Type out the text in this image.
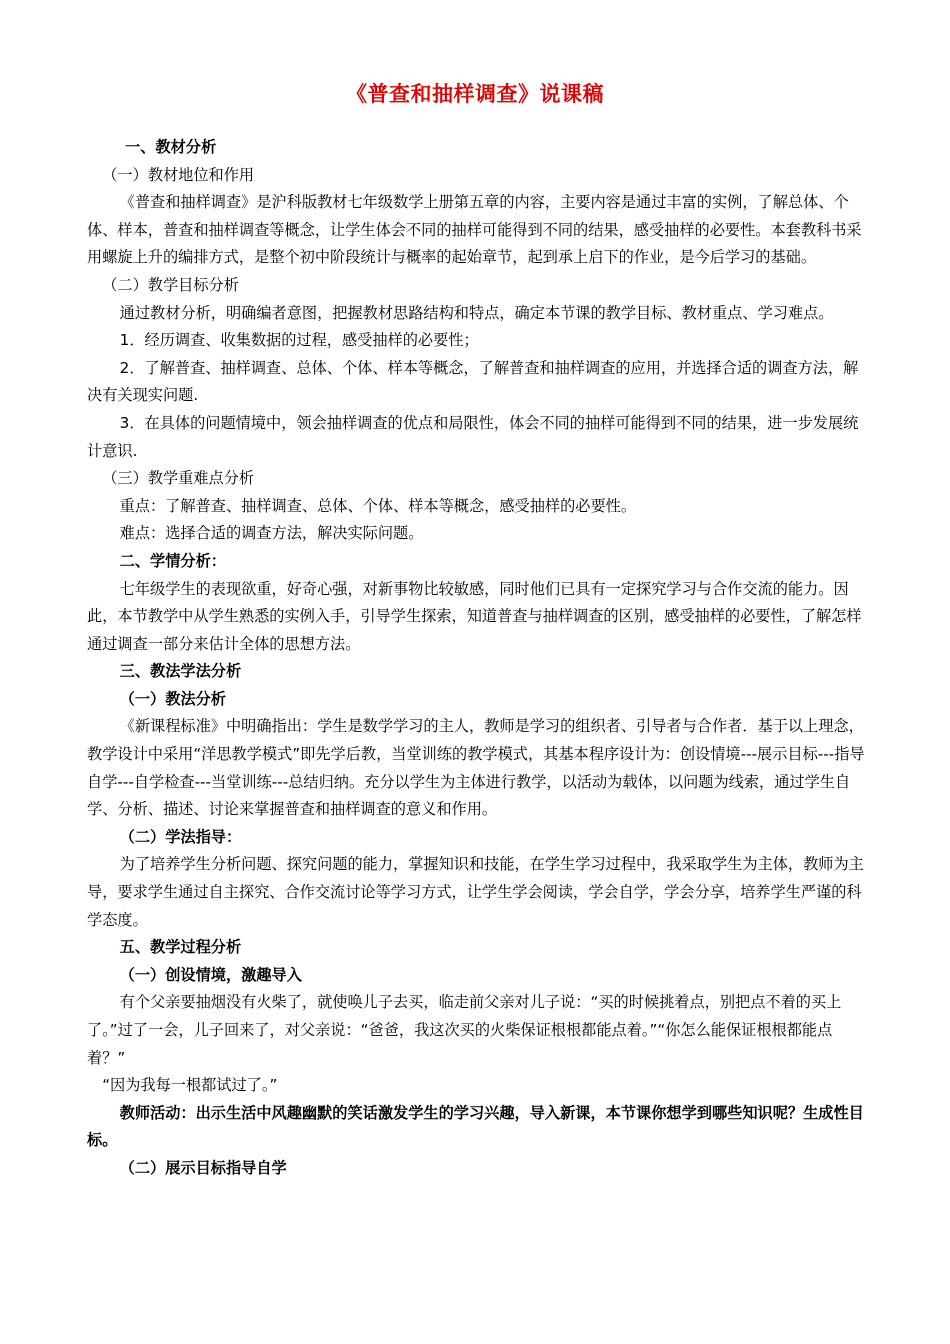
《普查和抽样调查》说课稿

一、教材分析

（一）教材地位和作用

《普查和抽样调查》是沪科版教材七年级数学上册第五章的内容，主要内容是通过丰富的实例，了解总体、个体、样本，普查和抽样调查等概念，让学生体会不同的抽样可能得到不同的结果，感受抽样的必要性。本套教科书采用螺旋上升的编排方式，是整个初中阶段统计与概率的起始章节，起到承上启下的作业，是今后学习的基础。

（二）教学目标分析

通过教材分析，明确编者意图，把握教材思路结构和特点，确定本节课的教学目标、教材重点、学习难点。

1．经历调查、收集数据的过程，感受抽样的必要性；

2．了解普查、抽样调查、总体、个体、样本等概念，了解普查和抽样调查的应用，并选择合适的调查方法，解决有关现实问题.

3．在具体的问题情境中，领会抽样调查的优点和局限性，体会不同的抽样可能得到不同的结果，进一步发展统计意识.

（三）教学重难点分析

重点：了解普查、抽样调查、总体、个体、样本等概念，感受抽样的必要性。

难点：选择合适的调查方法，解决实际问题。

二、学情分析：

七年级学生的表现欲重，好奇心强，对新事物比较敏感，同时他们已具有一定探究学习与合作交流的能力。因此，本节教学中从学生熟悉的实例入手，引导学生探索，知道普查与抽样调查的区别，感受抽样的必要性，了解怎样通过调查一部分来估计全体的思想方法。

三、教法学法分析

（一）教法分析

《新课程标准》中明确指出：学生是数学学习的主人，教师是学习的组织者、引导者与合作者．基于以上理念，教学设计中采用“洋思教学模式”即先学后教，当堂训练的教学模式，其基本程序设计为：创设情境---展示目标---指导自学---自学检查---当堂训练---总结归纳。充分以学生为主体进行教学，以活动为载体，以问题为线索，通过学生自学、分析、描述、讨论来掌握普查和抽样调查的意义和作用。

（二）学法指导：

为了培养学生分析问题、探究问题的能力，掌握知识和技能，在学生学习过程中，我采取学生为主体，教师为主导，要求学生通过自主探究、合作交流讨论等学习方式，让学生学会阅读，学会自学，学会分享，培养学生严谨的科学态度。

五、教学过程分析

（一）创设情境，激趣导入

有个父亲要抽烟没有火柴了，就使唤儿子去买，临走前父亲对儿子说：“买的时候挑着点，别把点不着的买上了。”过了一会，儿子回来了，对父亲说：“爸爸，我这次买的火柴保证根根都能点着。”“你怎么能保证根根都能点着？”

“因为我每一根都试过了。”

教师活动：出示生活中风趣幽默的笑话激发学生的学习兴趣，导入新课，本节课你想学到哪些知识呢？生成性目标。

（二）展示目标指导自学
